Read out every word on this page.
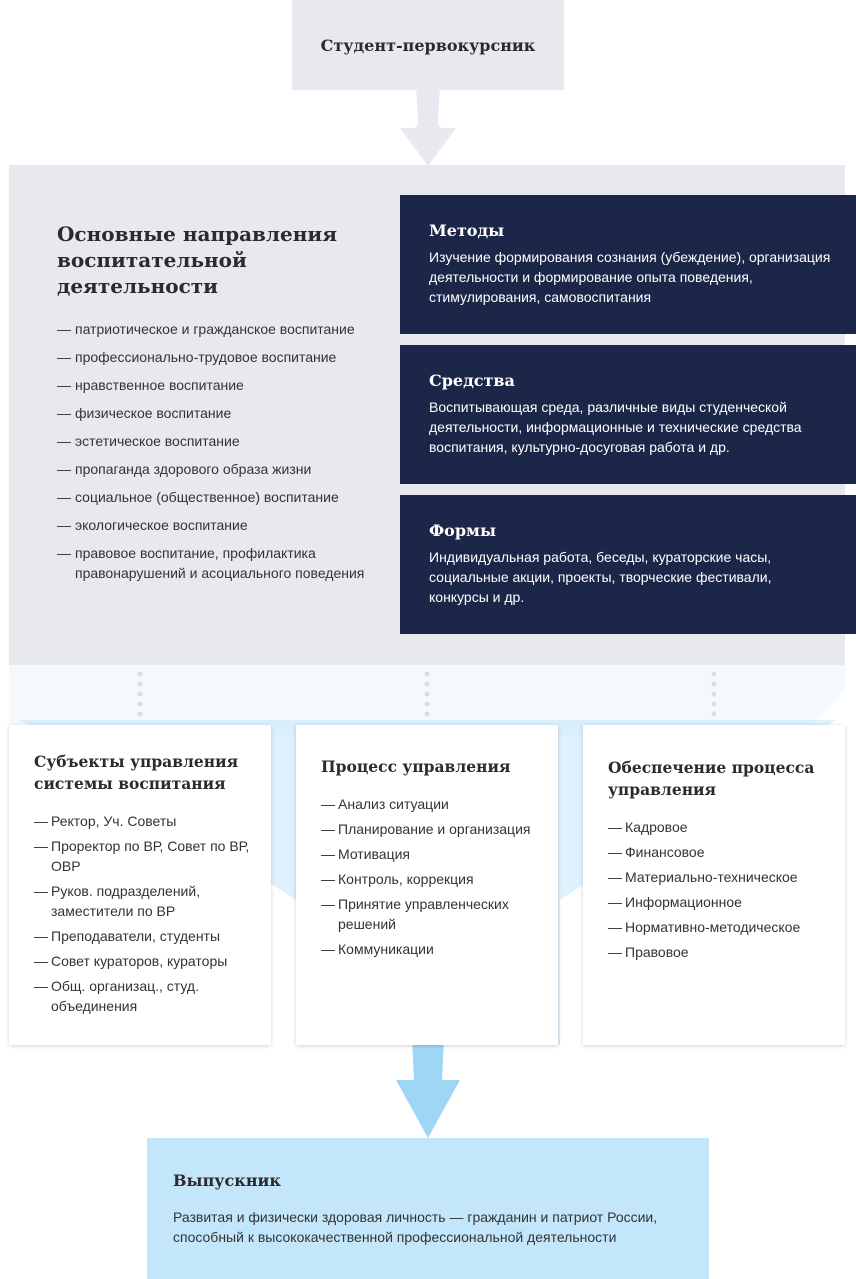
Студент-первокурсник
Основные направления воспитательной деятельности
— патриотическое и гражданское воспитание
— профессионально-трудовое воспитание
— нравственное воспитание
— физическое воспитание
— эстетическое воспитание
— пропаганда здорового образа жизни
— социальное (общественное) воспитание
— экологическое воспитание
— правовое воспитание, профилактика правонарушений и асоциального поведения
Методы
Изучение формирования сознания (убеждение), организация деятельности и формирование опыта поведения, стимулирования, самовоспитания
Средства
Воспитывающая среда, различные виды студенческой деятельности, информационные и технические средства воспитания, культурно-досуговая работа и др.
Формы
Индивидуальная работа, беседы, кураторские часы, социальные акции, проекты, творческие фестивали, конкурсы и др.
Субъекты управления системы воспитания
— Ректор, Уч. Советы
— Проректор по ВР, Совет по ВР, ОВР
— Руков. подразделений, заместители по ВР
— Преподаватели, студенты
— Совет кураторов, кураторы
— Общ. организац., студ. объединения
Процесс управления
— Анализ ситуации
— Планирование и организация
— Мотивация
— Контроль, коррекция
— Принятие управленческих решений
— Коммуникации
Обеспечение процесса управления
— Кадровое
— Финансовое
— Материально-техническое
— Информационное
— Нормативно-методическое
— Правовое
Выпускник
Развитая и физически здоровая личность — гражданин и патриот России, способный к высококачественной профессиональной деятельности
